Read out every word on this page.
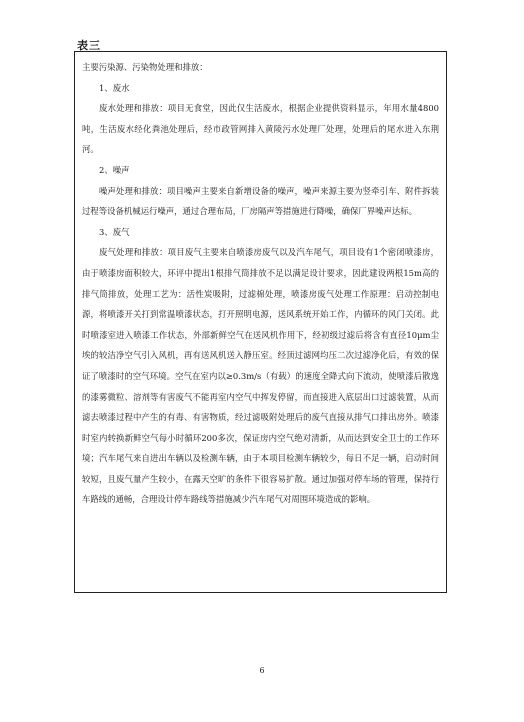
表三

主要污染源、污染物处理和排放：

1、废水

废水处理和排放：项目无食堂，因此仅生活废水，根据企业提供资料显示，年用水量4800吨，生活废水经化粪池处理后，经市政管网排入黄陵污水处理厂处理，处理后的尾水进入东荆河。

2、噪声

噪声处理和排放：项目噪声主要来自新增设备的噪声，噪声来源主要为竖牵引车、附件拆装过程等设备机械运行噪声，通过合理布局，厂房隔声等措施进行降噪，确保厂界噪声达标。

3、废气

废气处理和排放：项目废气主要来自喷漆房废气以及汽车尾气，项目设有1个密闭喷漆房，由于喷漆房面积较大，环评中提出1根排气筒排放不足以满足设计要求，因此建设两根15m高的排气筒排放，处理工艺为：活性炭吸附，过滤棉处理，喷漆房废气处理工作原理：启动控制电源，将喷漆开关打到常温喷漆状态，打开照明电源，送风系统开始工作，内循环的风门关闭。此时喷漆室进入喷漆工作状态，外部新鲜空气在送风机作用下，经初级过滤后将含有直径10μm尘埃的较洁净空气引入风机，再有送风机送入静压室。经顶过滤网均压二次过滤净化后，有效的保证了喷漆时的空气环境。空气在室内以≥0.3m/s（有载）的速度全降式向下流动，使喷漆后散逸的漆雾微粒、溶剂等有害废气不能再室内空气中挥发停留，而直接进入底层出口过滤装置，从而滤去喷漆过程中产生的有毒、有害物质，经过滤吸附处理后的废气直接从排气口排出房外。喷漆时室内转换新鲜空气每小时循环200多次，保证房内空气绝对清新，从而达到安全卫士的工作环境；汽车尾气来自进出车辆以及检测车辆，由于本项目检测车辆较少，每日不足一辆，启动时间较短，且废气量产生较小，在露天空旷的条件下很容易扩散。通过加强对停车场的管理，保持行车路线的通畅，合理设计停车路线等措施减少汽车尾气对周围环境造成的影响。

6
